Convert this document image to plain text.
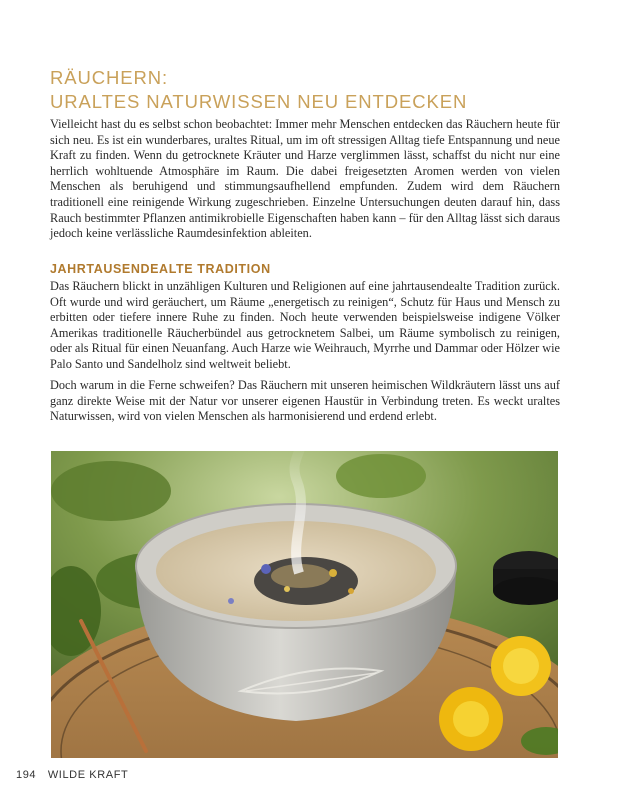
RÄUCHERN:
URALTES NATURWISSEN NEU ENTDECKEN

Vielleicht hast du es selbst schon beobachtet: Immer mehr Menschen entdecken das Räuchern heute für sich neu. Es ist ein wunderbares, uraltes Ritual, um im oft stressigen Alltag tiefe Entspannung und neue Kraft zu finden. Wenn du getrocknete Kräuter und Harze verglimmen lässt, schaffst du nicht nur eine herrlich wohltuende Atmosphäre im Raum. Die dabei freigesetzten Aromen werden von vielen Menschen als beruhigend und stimmungsaufhellend empfunden. Zudem wird dem Räuchern traditionell eine reinigende Wirkung zugeschrieben. Einzelne Untersuchungen deuten darauf hin, dass Rauch bestimmter Pflanzen antimikrobielle Eigenschaften haben kann – für den Alltag lässt sich daraus jedoch keine verlässliche Raumdesinfektion ableiten.

JAHRTAUSENDEALTE TRADITION

Das Räuchern blickt in unzähligen Kulturen und Religionen auf eine jahrtausendealte Tradition zurück. Oft wurde und wird geräuchert, um Räume „energetisch zu reinigen“, Schutz für Haus und Mensch zu erbitten oder tiefere innere Ruhe zu finden. Noch heute verwenden beispielsweise indigene Völker Amerikas traditionelle Räucherbündel aus getrocknetem Salbei, um Räume symbolisch zu reinigen, oder als Ritual für einen Neuanfang. Auch Harze wie Weihrauch, Myrrhe und Dammar oder Hölzer wie Palo Santo und Sandelholz sind weltweit beliebt.

Doch warum in die Ferne schweifen? Das Räuchern mit unseren heimischen Wildkräutern lässt uns auf ganz direkte Weise mit der Natur vor unserer eigenen Haustür in Verbindung treten. Es weckt uraltes Naturwissen, wird von vielen Menschen als harmonisierend und erdend erlebt.

194 WILDE KRAFT
